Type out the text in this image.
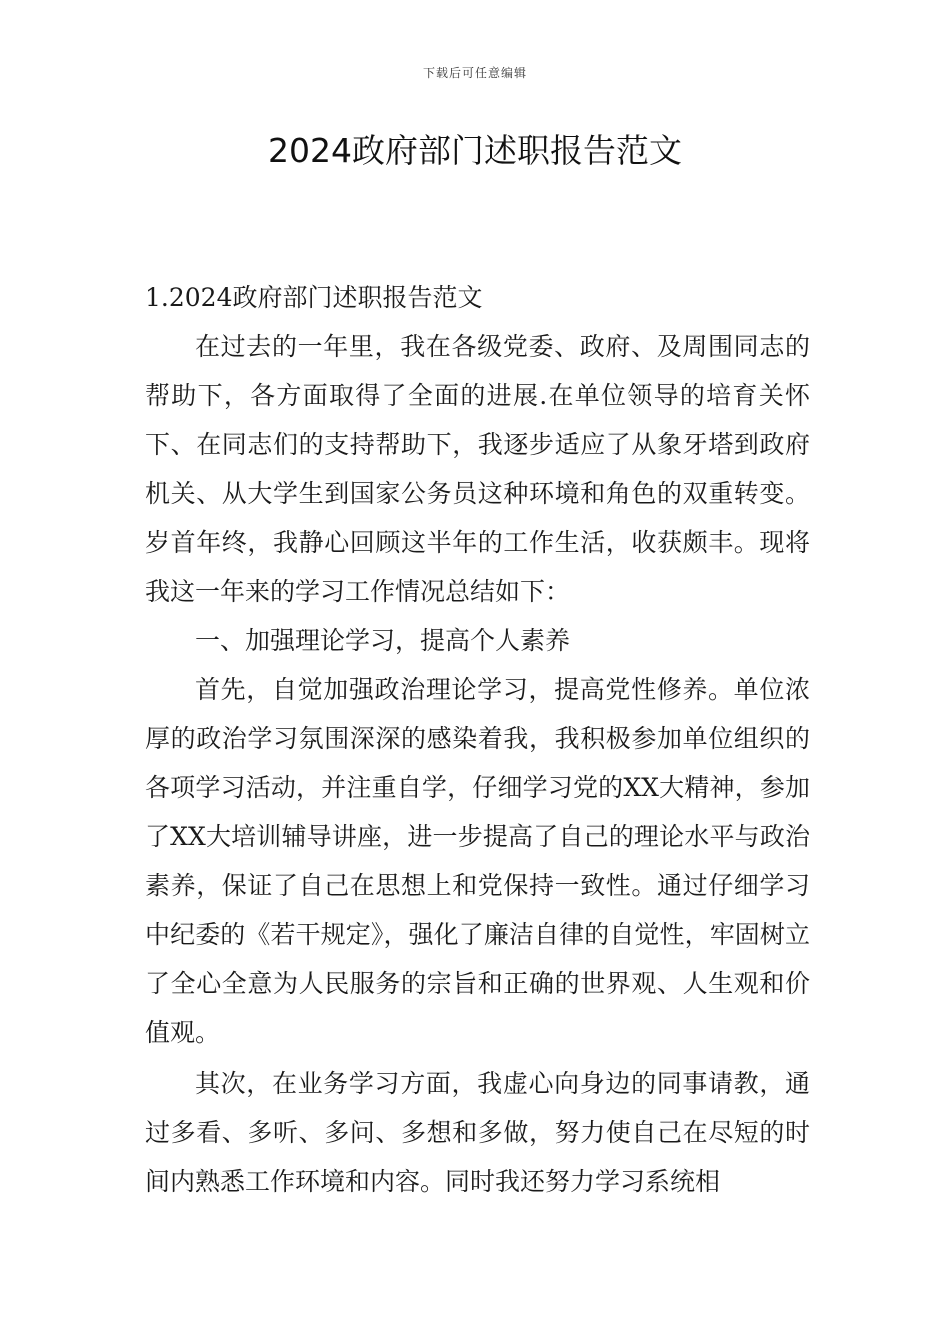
下载后可任意编辑
2024政府部门述职报告范文

1.2024政府部门述职报告范文

在过去的一年里，我在各级党委、政府、及周围同志的帮助下，各方面取得了全面的进展.在单位领导的培育关怀下、在同志们的支持帮助下，我逐步适应了从象牙塔到政府机关、从大学生到国家公务员这种环境和角色的双重转变。岁首年终，我静心回顾这半年的工作生活，收获颇丰。现将我这一年来的学习工作情况总结如下：

一、加强理论学习，提高个人素养

首先，自觉加强政治理论学习，提高党性修养。单位浓厚的政治学习氛围深深的感染着我，我积极参加单位组织的各项学习活动，并注重自学，仔细学习党的XX大精神，参加了XX大培训辅导讲座，进一步提高了自己的理论水平与政治素养，保证了自己在思想上和党保持一致性。通过仔细学习中纪委的《若干规定》，强化了廉洁自律的自觉性，牢固树立了全心全意为人民服务的宗旨和正确的世界观、人生观和价值观。

其次，在业务学习方面，我虚心向身边的同事请教，通过多看、多听、多问、多想和多做，努力使自己在尽短的时间内熟悉工作环境和内容。同时我还努力学习系统相
